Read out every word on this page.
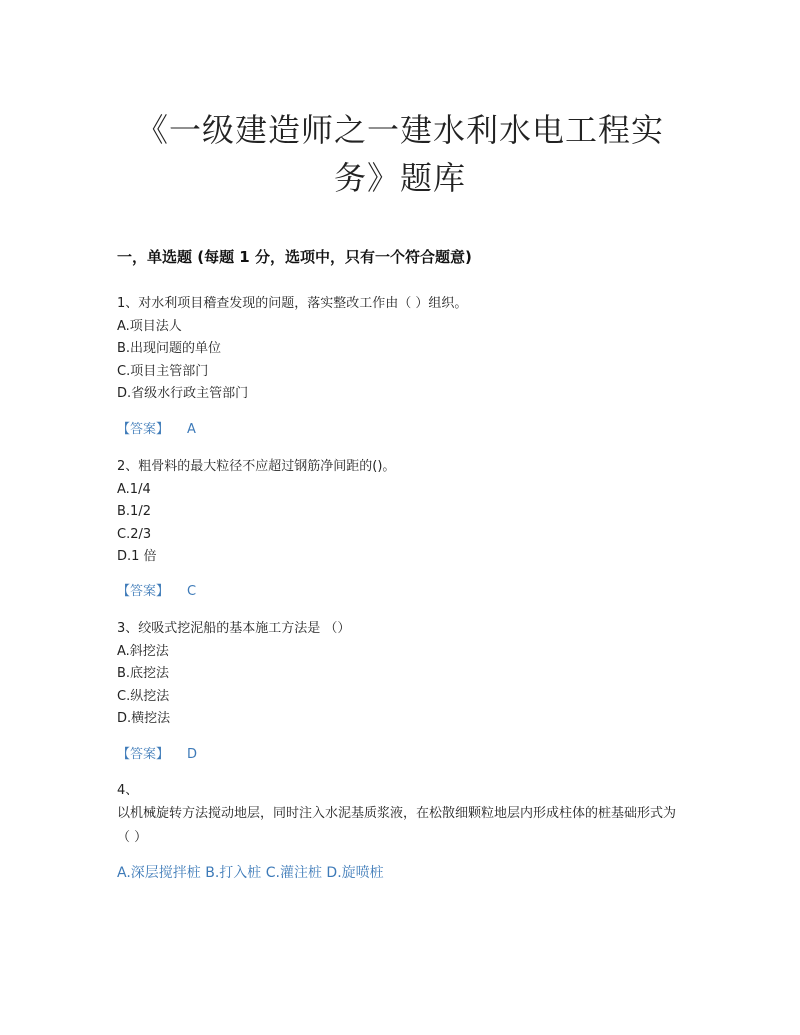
《一级建造师之一建水利水电工程实
务》题库
一，单选题 (每题 1 分，选项中，只有一个符合题意)
1、对水利项目稽查发现的问题，落实整改工作由（ ）组织。
A.项目法人
B.出现问题的单位
C.项目主管部门
D.省级水行政主管部门
【答案】 A
2、粗骨料的最大粒径不应超过钢筋净间距的()。
A.1/4
B.1/2
C.2/3
D.1 倍
【答案】 C
3、绞吸式挖泥船的基本施工方法是 （）
A.斜挖法
B.底挖法
C.纵挖法
D.横挖法
【答案】 D
4、
以机械旋转方法搅动地层，同时注入水泥基质浆液，在松散细颗粒地层内形成柱体的桩基础形式为（ ）
A.深层搅拌桩 B.打入桩 C.灌注桩 D.旋喷桩
